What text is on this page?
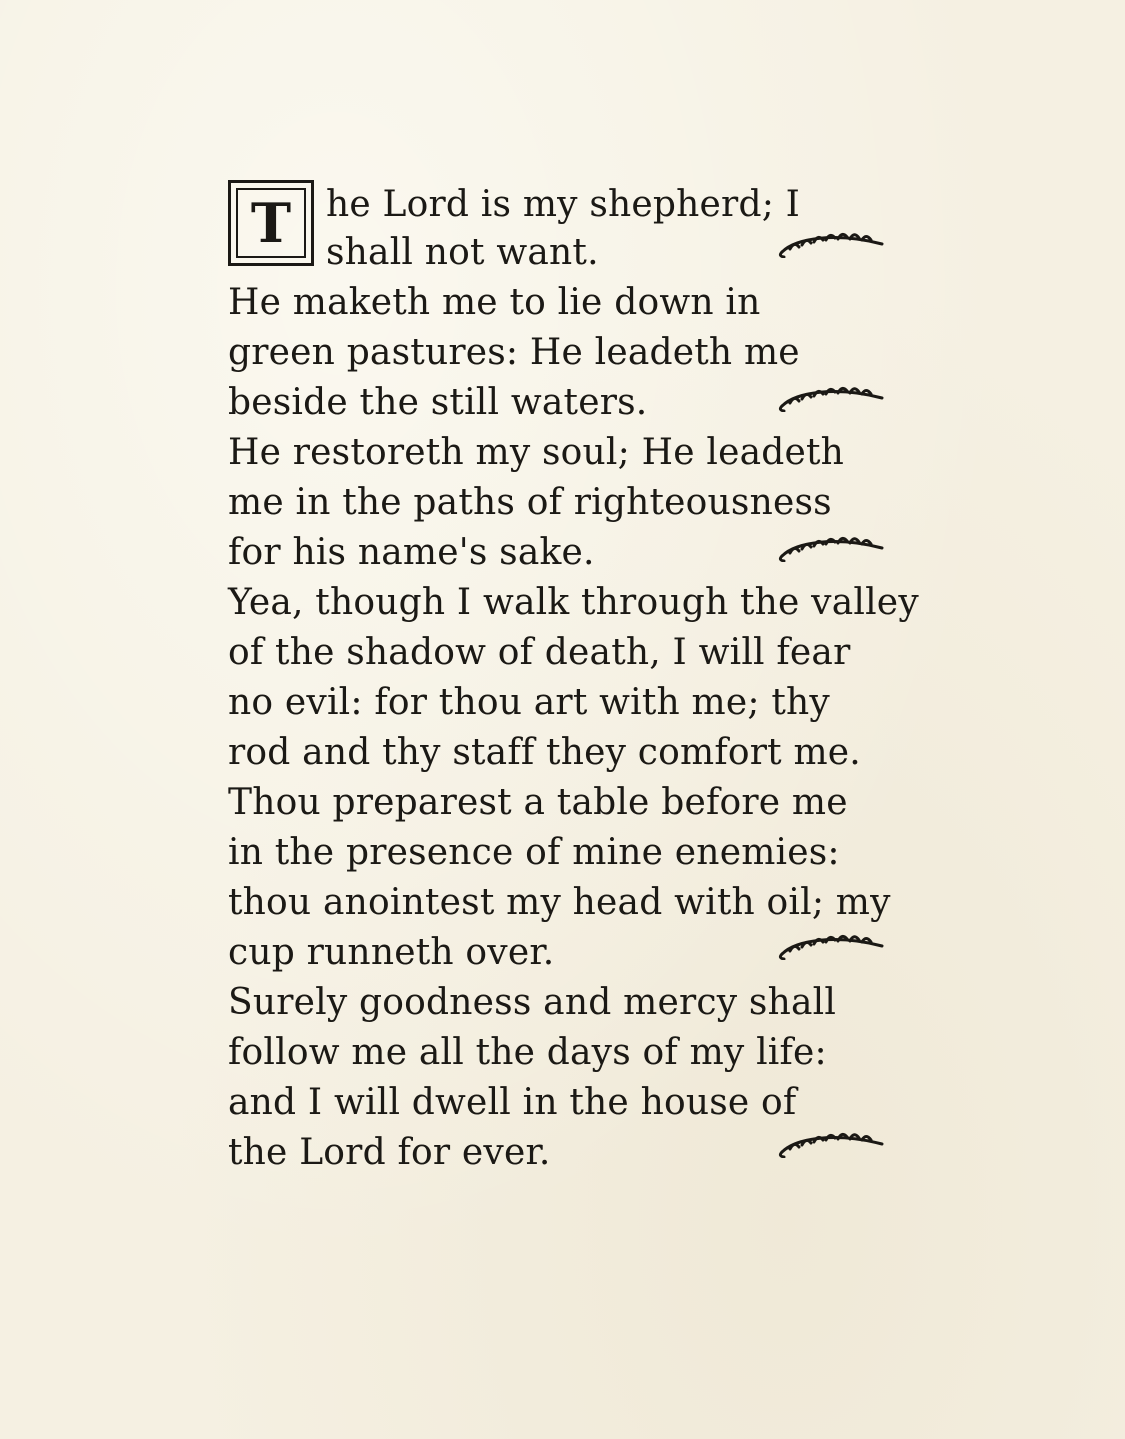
T he Lord is my shepherd; I
shall not want.
He maketh me to lie down in
green pastures: He leadeth me
beside the still waters.
He restoreth my soul; He leadeth
me in the paths of righteousness
for his name's sake.
Yea, though I walk through the valley
of the shadow of death, I will fear
no evil: for thou art with me; thy
rod and thy staff they comfort me.
Thou preparest a table before me
in the presence of mine enemies:
thou anointest my head with oil; my
cup runneth over.
Surely goodness and mercy shall
follow me all the days of my life:
and I will dwell in the house of
the Lord for ever.
